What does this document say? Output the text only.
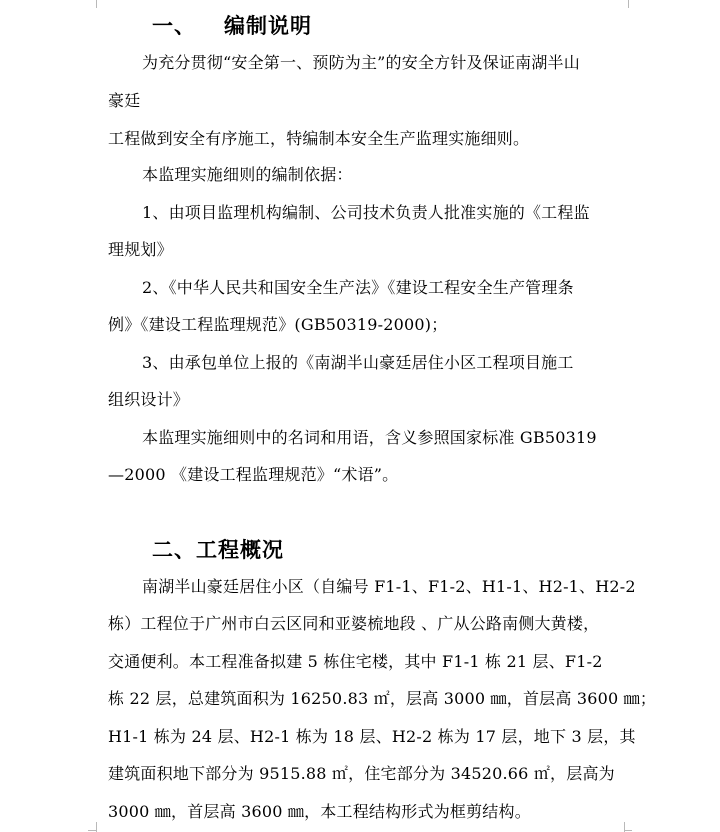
一、 编制说明
为充分贯彻“安全第一、预防为主”的安全方针及保证南湖半山
豪廷
工程做到安全有序施工，特编制本安全生产监理实施细则。
本监理实施细则的编制依据：
1、由项目监理机构编制、公司技术负责人批准实施的《工程监
理规划》
2、《中华人民共和国安全生产法》《建设工程安全生产管理条
例》《建设工程监理规范》(GB50319-2000)；
3、由承包单位上报的《南湖半山豪廷居住小区工程项目施工
组织设计》
本监理实施细则中的名词和用语，含义参照国家标准 GB50319
—2000 《建设工程监理规范》“术语”。
二、工程概况
南湖半山豪廷居住小区（自编号 F1-1、F1-2、H1-1、H2-1、H2-2
栋）工程位于广州市白云区同和亚婆梳地段 、广从公路南侧大黄楼，
交通便利。本工程准备拟建 5 栋住宅楼，其中 F1-1 栋 21 层、F1-2
栋 22 层，总建筑面积为 16250.83 ㎡，层高 3000 ㎜，首层高 3600 ㎜；
H1-1 栋为 24 层、H2-1 栋为 18 层、H2-2 栋为 17 层，地下 3 层，其
建筑面积地下部分为 9515.88 ㎡，住宅部分为 34520.66 ㎡，层高为
3000 ㎜，首层高 3600 ㎜，本工程结构形式为框剪结构。
